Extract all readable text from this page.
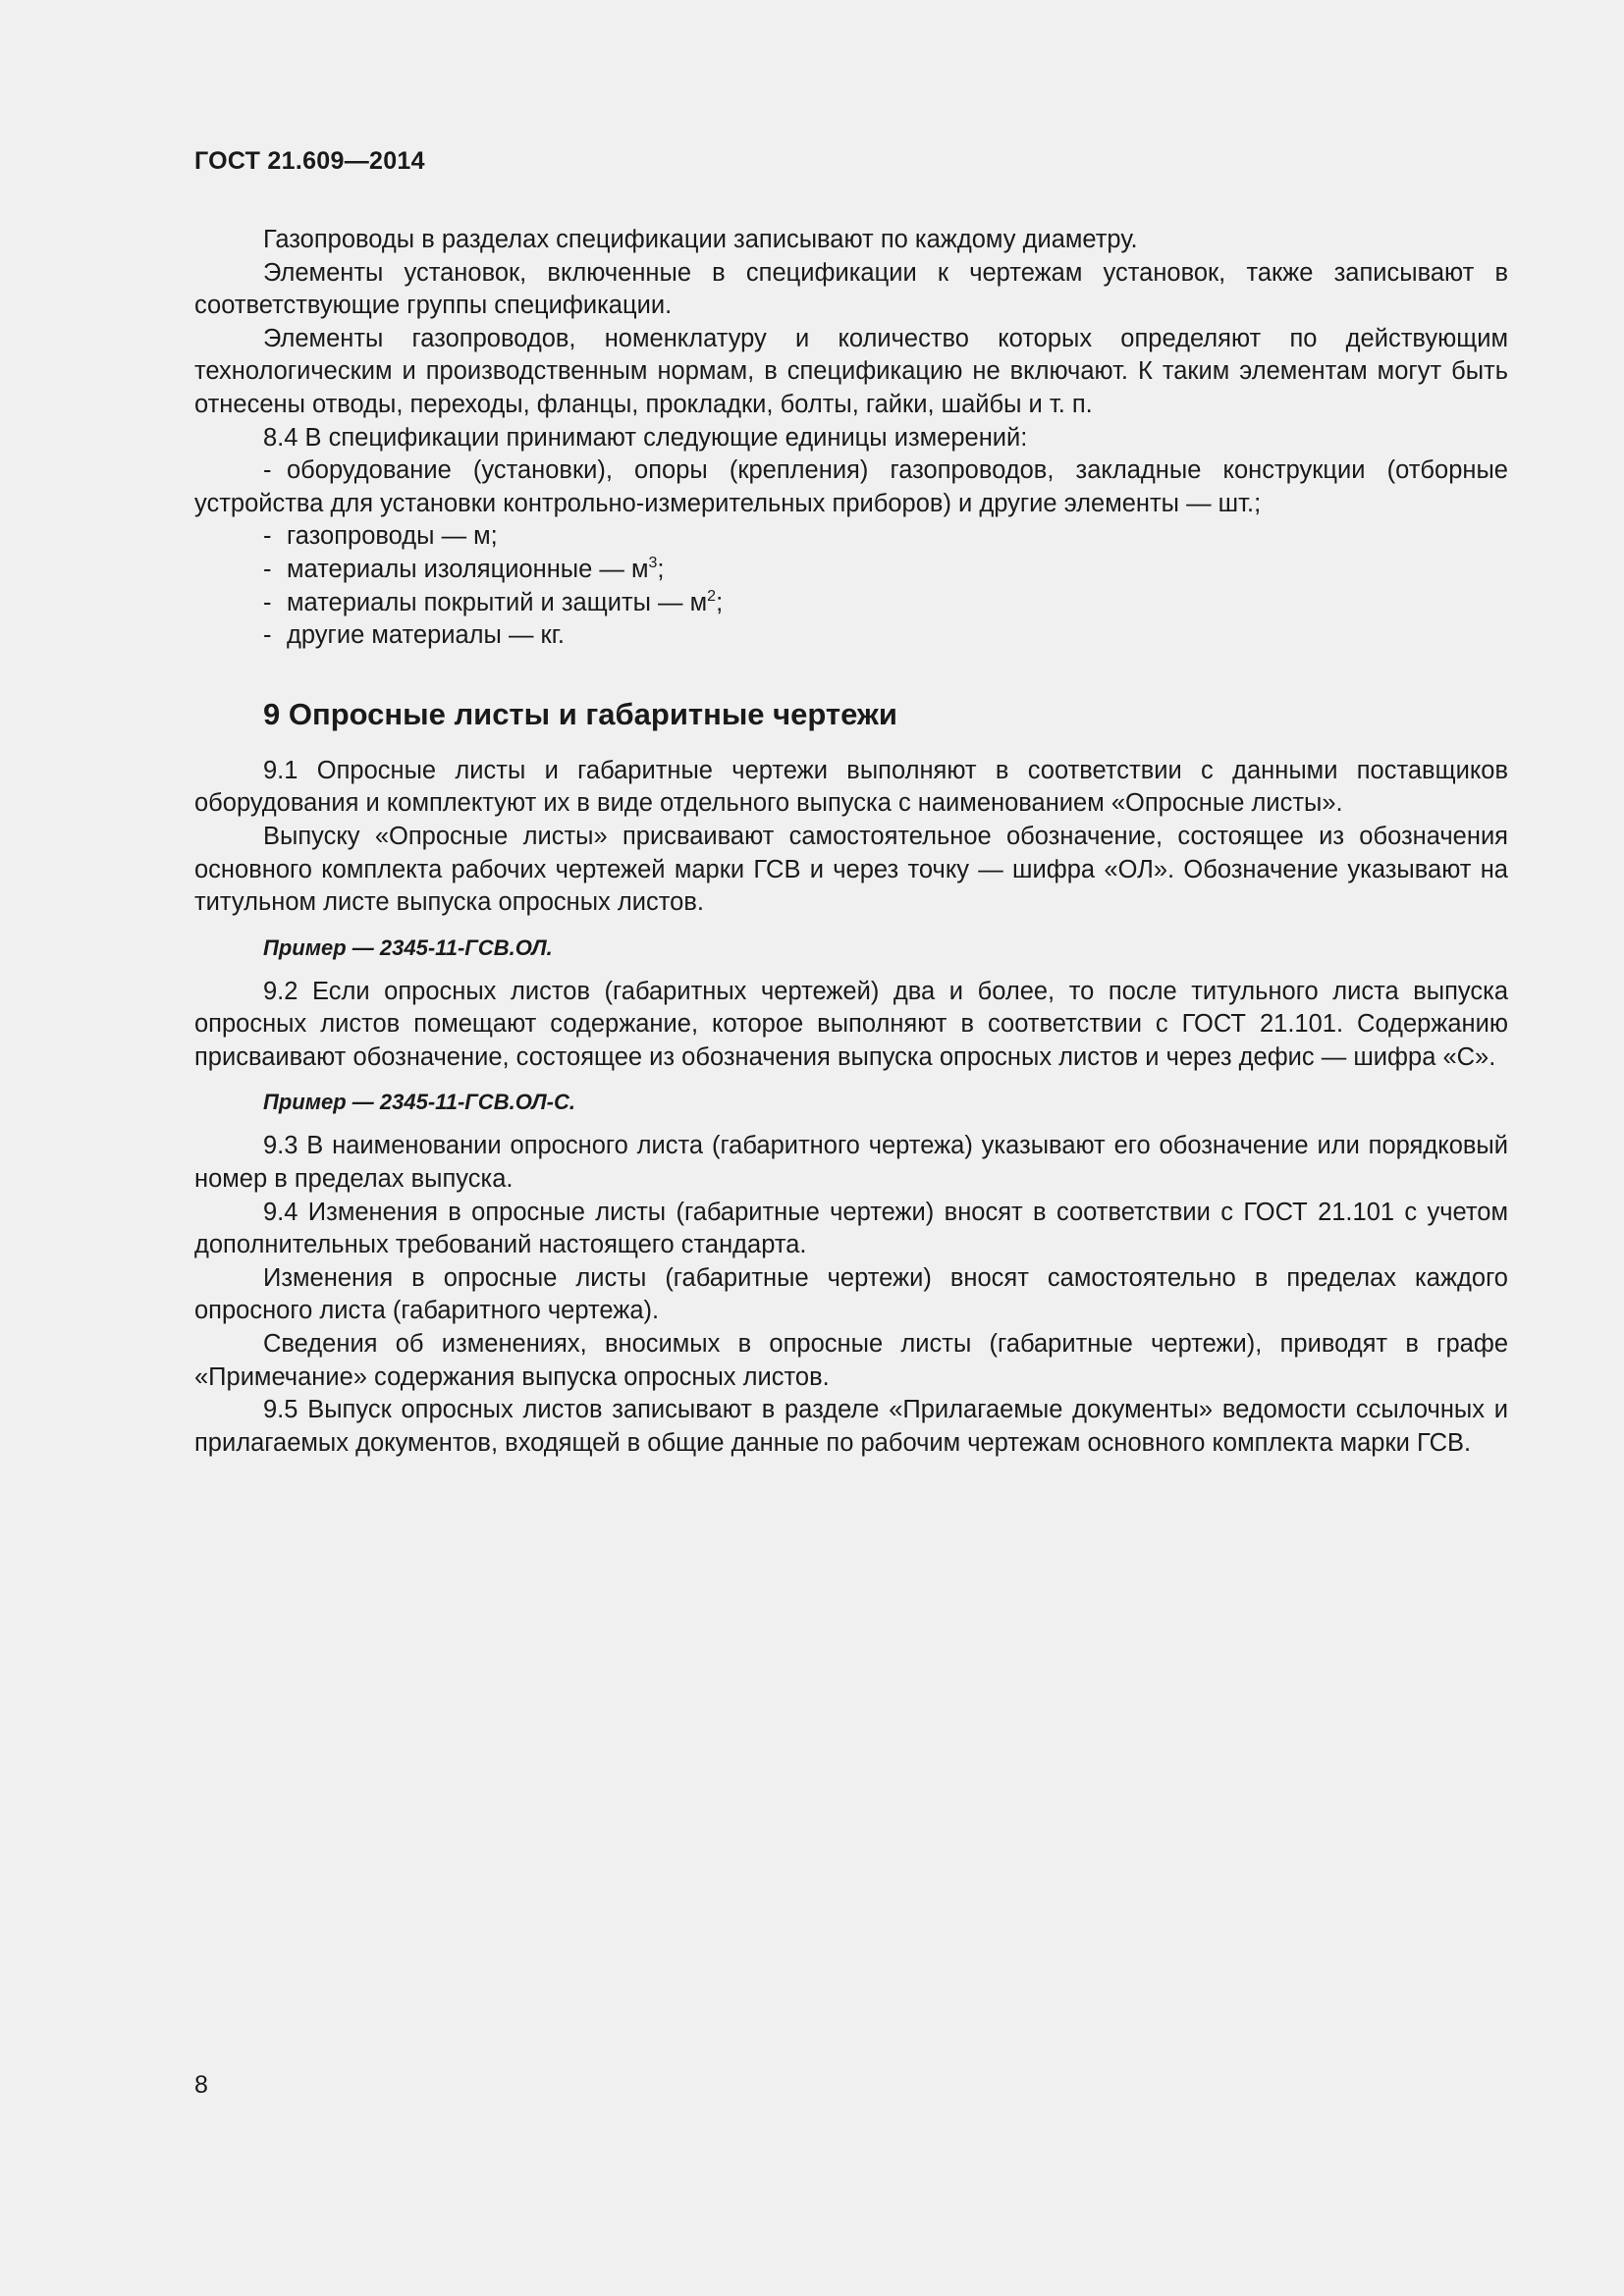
ГОСТ 21.609—2014

Газопроводы в разделах спецификации записывают по каждому диаметру.

Элементы установок, включенные в спецификации к чертежам установок, также записывают в соответствующие группы спецификации.

Элементы газопроводов, номенклатуру и количество которых определяют по действующим технологическим и производственным нормам, в спецификацию не включают. К таким элементам могут быть отнесены отводы, переходы, фланцы, прокладки, болты, гайки, шайбы и т. п.

8.4 В спецификации принимают следующие единицы измерений:

- оборудование (установки), опоры (крепления) газопроводов, закладные конструкции (отборные устройства для установки контрольно-измерительных приборов) и другие элементы — шт.;

- газопроводы — м;

- материалы изоляционные — $м^3$;

- материалы покрытий и защиты — $м^2$;

- другие материалы — кг.

9 Опросные листы и габаритные чертежи

9.1 Опросные листы и габаритные чертежи выполняют в соответствии с данными поставщиков оборудования и комплектуют их в виде отдельного выпуска с наименованием «Опросные листы».

Выпуску «Опросные листы» присваивают самостоятельное обозначение, состоящее из обозначения основного комплекта рабочих чертежей марки ГСВ и через точку — шифра «ОЛ». Обозначение указывают на титульном листе выпуска опросных листов.

Пример — 2345-11-ГСВ.ОЛ.

9.2 Если опросных листов (габаритных чертежей) два и более, то после титульного листа выпуска опросных листов помещают содержание, которое выполняют в соответствии с ГОСТ 21.101. Содержанию присваивают обозначение, состоящее из обозначения выпуска опросных листов и через дефис — шифра «С».

Пример — 2345-11-ГСВ.ОЛ-С.

9.3 В наименовании опросного листа (габаритного чертежа) указывают его обозначение или порядковый номер в пределах выпуска.

9.4 Изменения в опросные листы (габаритные чертежи) вносят в соответствии с ГОСТ 21.101 с учетом дополнительных требований настоящего стандарта.

Изменения в опросные листы (габаритные чертежи) вносят самостоятельно в пределах каждого опросного листа (габаритного чертежа).

Сведения об изменениях, вносимых в опросные листы (габаритные чертежи), приводят в графе «Примечание» содержания выпуска опросных листов.

9.5 Выпуск опросных листов записывают в разделе «Прилагаемые документы» ведомости ссылочных и прилагаемых документов, входящей в общие данные по рабочим чертежам основного комплекта марки ГСВ.

8
